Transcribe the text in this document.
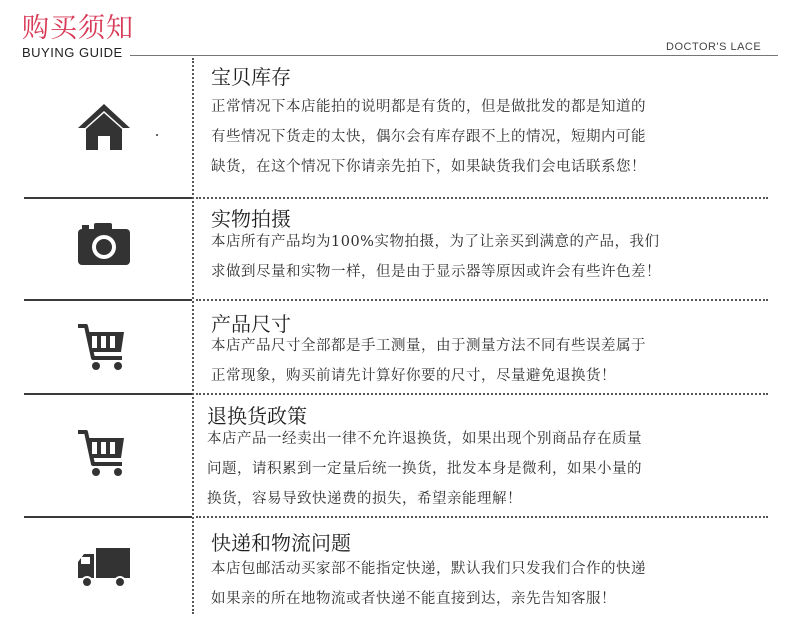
购买须知
BUYING GUIDE	DOCTOR'S LACE
宝贝库存
正常情况下本店能拍的说明都是有货的，但是做批发的都是知道的
有些情况下货走的太快，偶尔会有库存跟不上的情况，短期内可能
缺货，在这个情况下你请亲先拍下，如果缺货我们会电话联系您！
实物拍摄
本店所有产品均为100%实物拍摄，为了让亲买到满意的产品，我们
求做到尽量和实物一样，但是由于显示器等原因或许会有些许色差！
产品尺寸
本店产品尺寸全部都是手工测量，由于测量方法不同有些误差属于
正常现象，购买前请先计算好你要的尺寸，尽量避免退换货！
退换货政策
本店产品一经卖出一律不允许退换货，如果出现个别商品存在质量
问题，请积累到一定量后统一换货，批发本身是微利，如果小量的
换货，容易导致快递费的损失，希望亲能理解！
快递和物流问题
本店包邮活动买家部不能指定快递，默认我们只发我们合作的快递
如果亲的所在地物流或者快递不能直接到达，亲先告知客服！
